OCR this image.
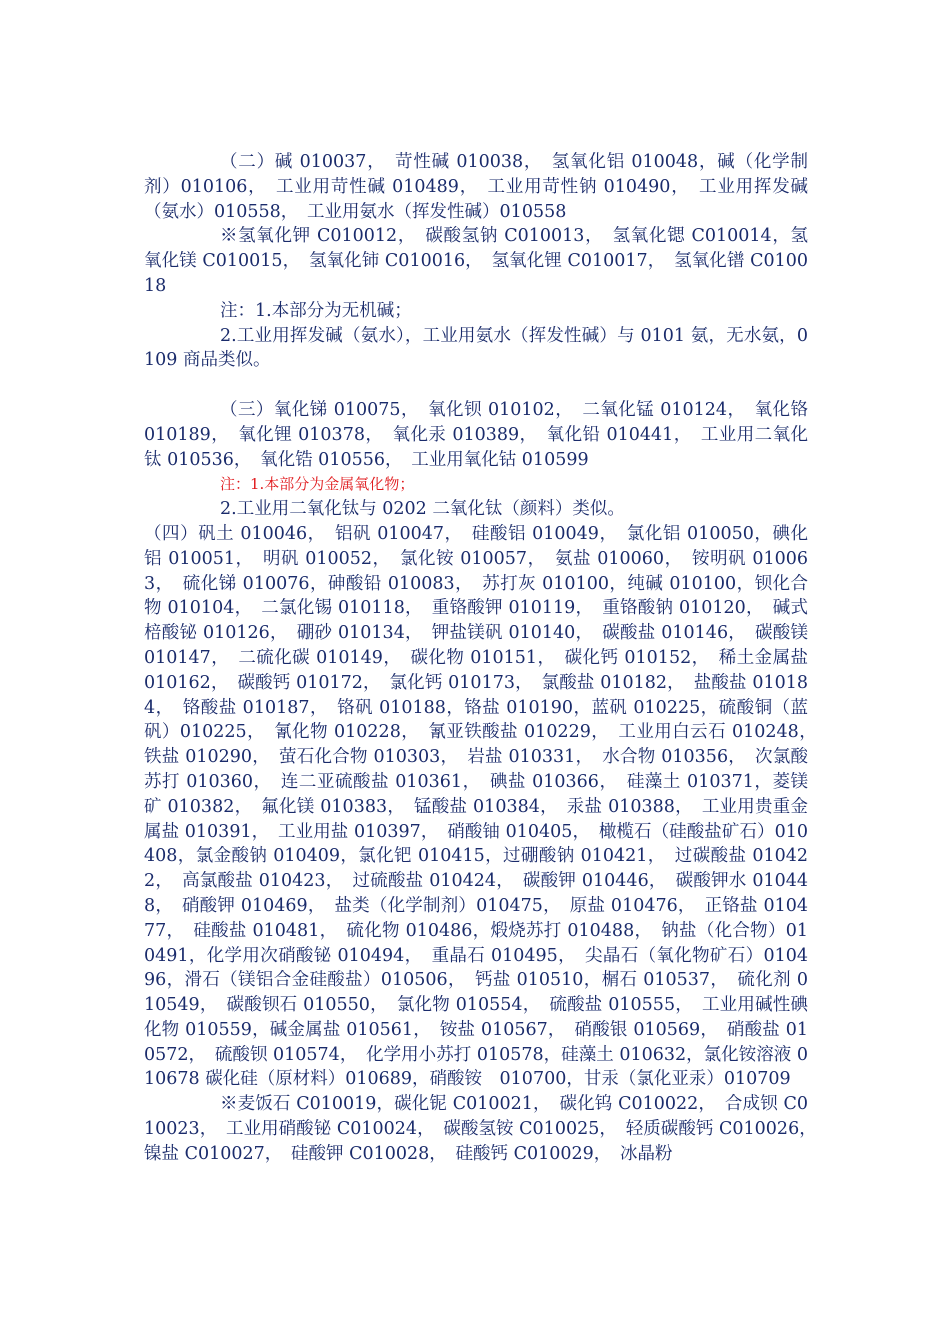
（二）碱 010037，　苛性碱 010038，　氢氧化铝 010048，碱（化学制剂）010106，　工业用苛性碱 010489，　工业用苛性钠 010490，　工业用挥发碱（氨水）010558，　工业用氨水（挥发性碱）010558

※氢氧化钾 C010012，　碳酸氢钠 C010013，　氢氧化锶 C010014，氢氧化镁 C010015，　氢氧化铈 C010016，　氢氧化锂 C010017，　氢氧化镨 C010018

注：1.本部分为无机碱；

2.工业用挥发碱（氨水），工业用氨水（挥发性碱）与 0101 氨，无水氨，0109 商品类似。

（三）氧化锑 010075，　氧化钡 010102，　二氧化锰 010124，　氧化铬 010189，　氧化锂 010378，　氧化汞 010389，　氧化铅 010441，　工业用二氧化钛 010536，　氧化锆 010556，　工业用氧化钴 010599

注：1.本部分为金属氧化物；

2.工业用二氧化钛与 0202 二氧化钛（颜料）类似。

（四）矾土 010046，　铝矾 010047，　硅酸铝 010049，　氯化铝 010050，碘化铝 010051，　明矾 010052，　氯化铵 010057，　氨盐 010060，　铵明矾 010063，　硫化锑 010076，砷酸铅 010083，　苏打灰 010100，纯碱 010100，钡化合物 010104，　二氯化锡 010118，　重铬酸钾 010119，　重铬酸钠 010120，　碱式棓酸铋 010126，　硼砂 010134，　钾盐镁矾 010140，　碳酸盐 010146，　碳酸镁 010147，　二硫化碳 010149，　碳化物 010151，　碳化钙 010152，　稀土金属盐 010162，　碳酸钙 010172，　氯化钙 010173，　氯酸盐 010182，　盐酸盐 010184，　铬酸盐 010187，　铬矾 010188，铬盐 010190，蓝矾 010225，硫酸铜（蓝矾）010225，　氰化物 010228，　氰亚铁酸盐 010229，　工业用白云石 010248，　铁盐 010290，　萤石化合物 010303，　岩盐 010331，　水合物 010356，　次氯酸苏打 010360，　连二亚硫酸盐 010361，　碘盐 010366，　硅藻土 010371，菱镁矿 010382，　氟化镁 010383，　锰酸盐 010384，　汞盐 010388，　工业用贵重金属盐 010391，　工业用盐 010397，　硝酸铀 010405，　橄榄石（硅酸盐矿石）010408，氯金酸钠 010409，氯化钯 010415，过硼酸钠 010421，　过碳酸盐 010422，　高氯酸盐 010423，　过硫酸盐 010424，　碳酸钾 010446，　碳酸钾水 010448，　硝酸钾 010469，　盐类（化学制剂）010475，　原盐 010476，　正铬盐 010477，　硅酸盐 010481，　硫化物 010486，煅烧苏打 010488，　钠盐（化合物）010491，化学用次硝酸铋 010494，　重晶石 010495，　尖晶石（氧化物矿石）010496，滑石（镁铝合金硅酸盐）010506，　钙盐 010510，榍石 010537，　硫化剂 010549，　碳酸钡石 010550，　氯化物 010554，　硫酸盐 010555，　工业用碱性碘化物 010559，碱金属盐 010561，　铵盐 010567，　硝酸银 010569，　硝酸盐 010572，　硫酸钡 010574，　化学用小苏打 010578，硅藻土 010632，氯化铵溶液 010678 碳化硅（原材料）010689，硝酸铵　010700，甘汞（氯化亚汞）010709

※麦饭石 C010019，碳化铌 C010021，　碳化钨 C010022，　合成钡 C010023，　工业用硝酸铋 C010024，　碳酸氢铵 C010025，　轻质碳酸钙 C010026，　镍盐 C010027，　硅酸钾 C010028，　硅酸钙 C010029，　冰晶粉
